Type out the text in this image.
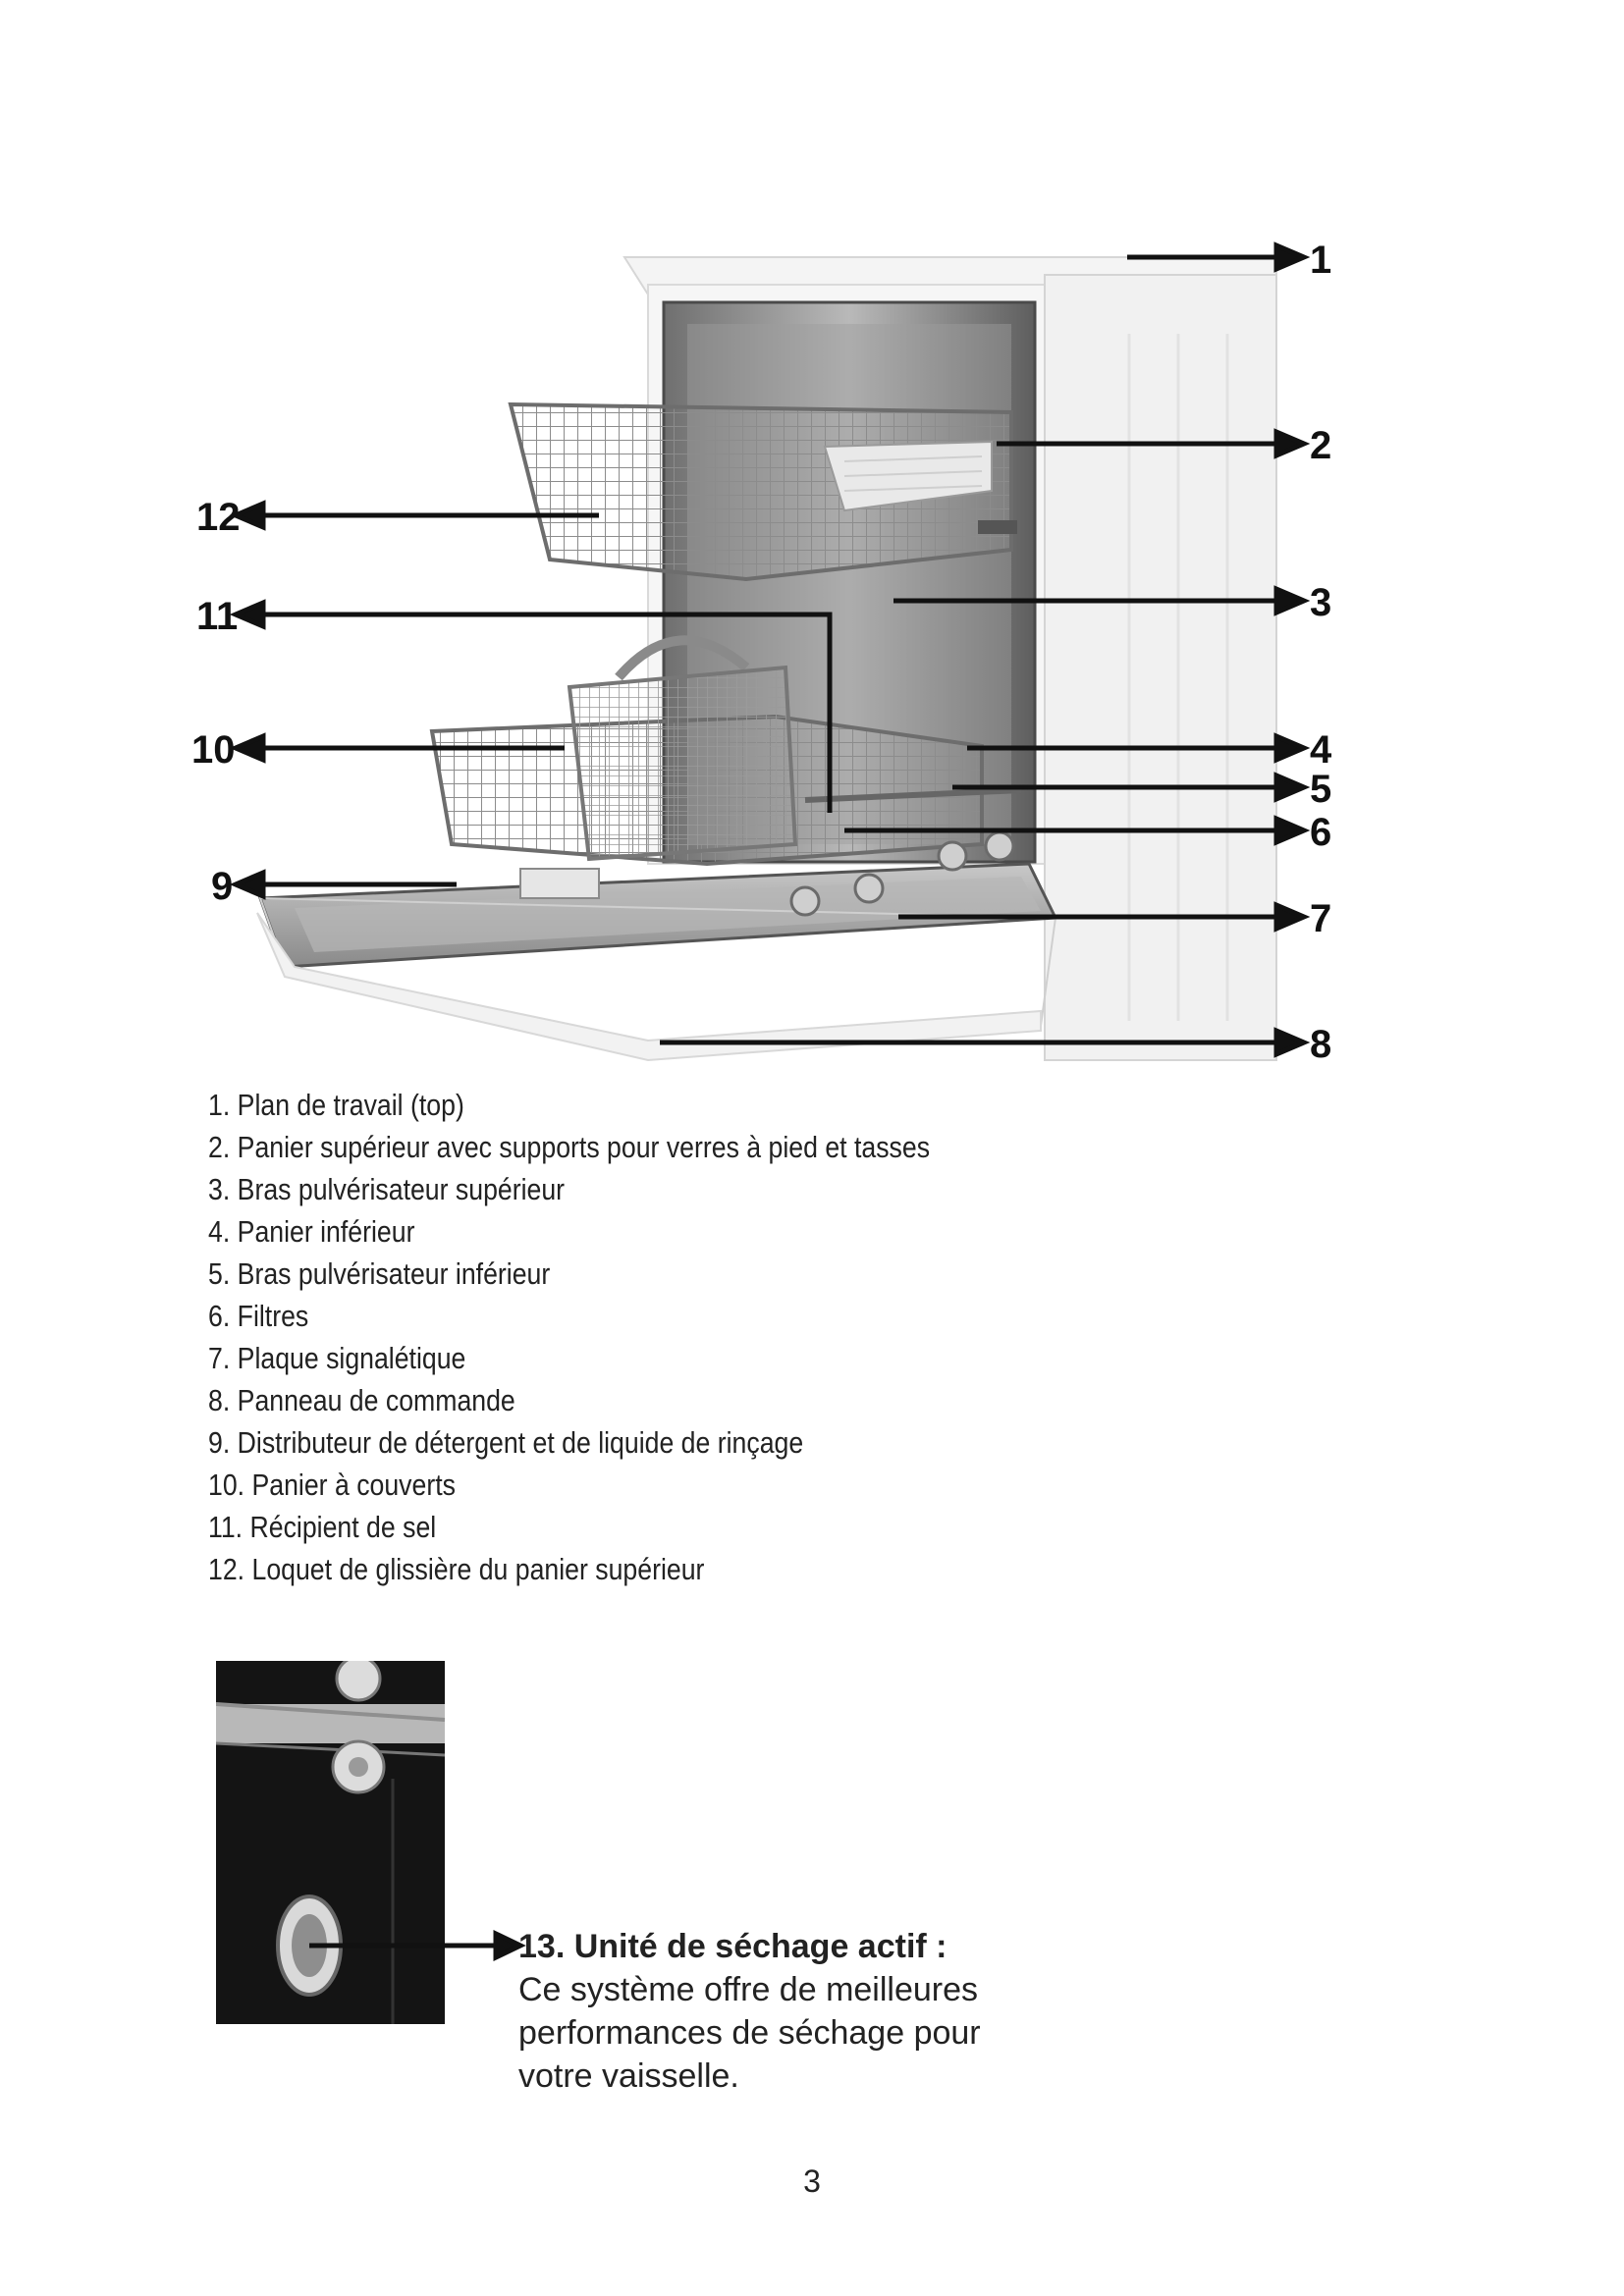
1
2
3
4
5
6
7
8
9
10
11
12
1. Plan de travail (top)
2. Panier supérieur avec supports pour verres à pied et tasses
3. Bras pulvérisateur supérieur
4. Panier inférieur
5. Bras pulvérisateur inférieur
6. Filtres
7. Plaque signalétique
8. Panneau de commande
9. Distributeur de détergent et de liquide de rinçage
10. Panier à couverts
11. Récipient de sel
12. Loquet de glissière du panier supérieur
13. Unité de séchage actif :
Ce système offre de meilleures
performances de séchage pour
votre vaisselle.
3
